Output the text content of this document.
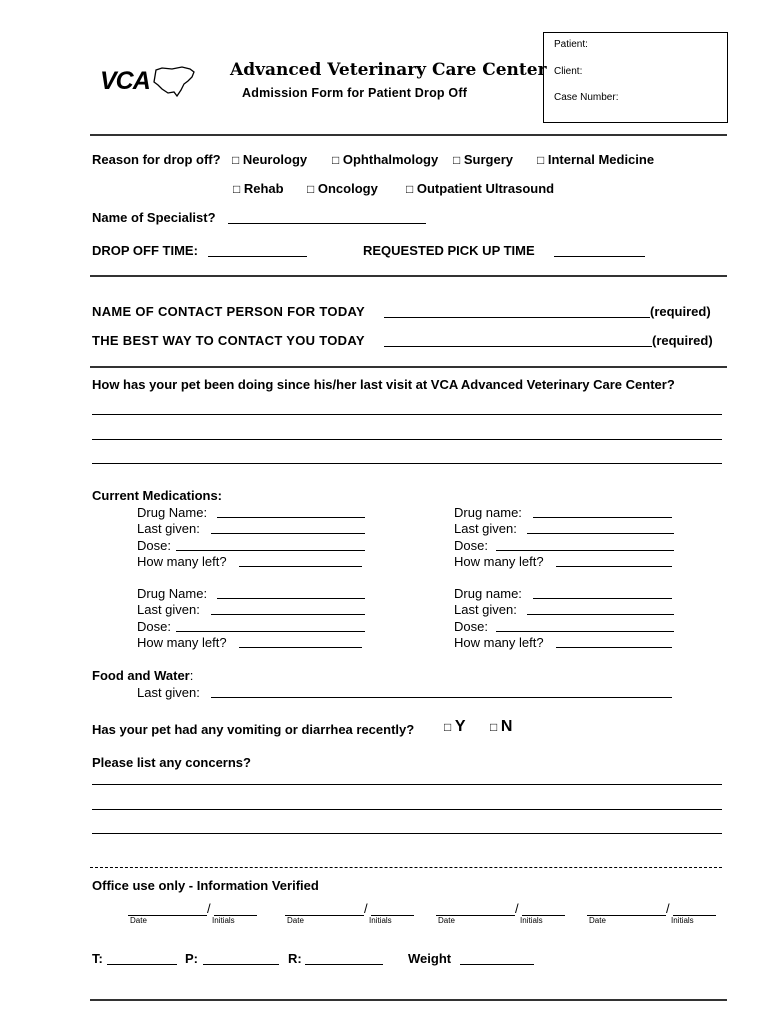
VCA	Advanced Veterinary Care Center
Admission Form for Patient Drop Off
Patient:
Client:
Case Number:
Reason for drop off? □ Neurology □ Ophthalmology □ Surgery □ Internal Medicine
□ Rehab □ Oncology □ Outpatient Ultrasound
Name of Specialist?
DROP OFF TIME:	REQUESTED PICK UP TIME
NAME OF CONTACT PERSON FOR TODAY	(required)
THE BEST WAY TO CONTACT YOU TODAY	(required)
How has your pet been doing since his/her last visit at VCA Advanced Veterinary Care Center?
Current Medications:
Drug Name:
Last given:
Dose:
How many left?
Drug name:
Last given:
Dose:
How many left?
Drug Name:
Last given:
Dose:
How many left?
Drug name:
Last given:
Dose:
How many left?
Food and Water:
Last given:
Has your pet had any vomiting or diarrhea recently? □ Y □ N
Please list any concerns?
Office use only - Information Verified
/
Date	Initials
/
Date	Initials
/
Date	Initials
/
Date	Initials
T:	P:	R:	Weight
